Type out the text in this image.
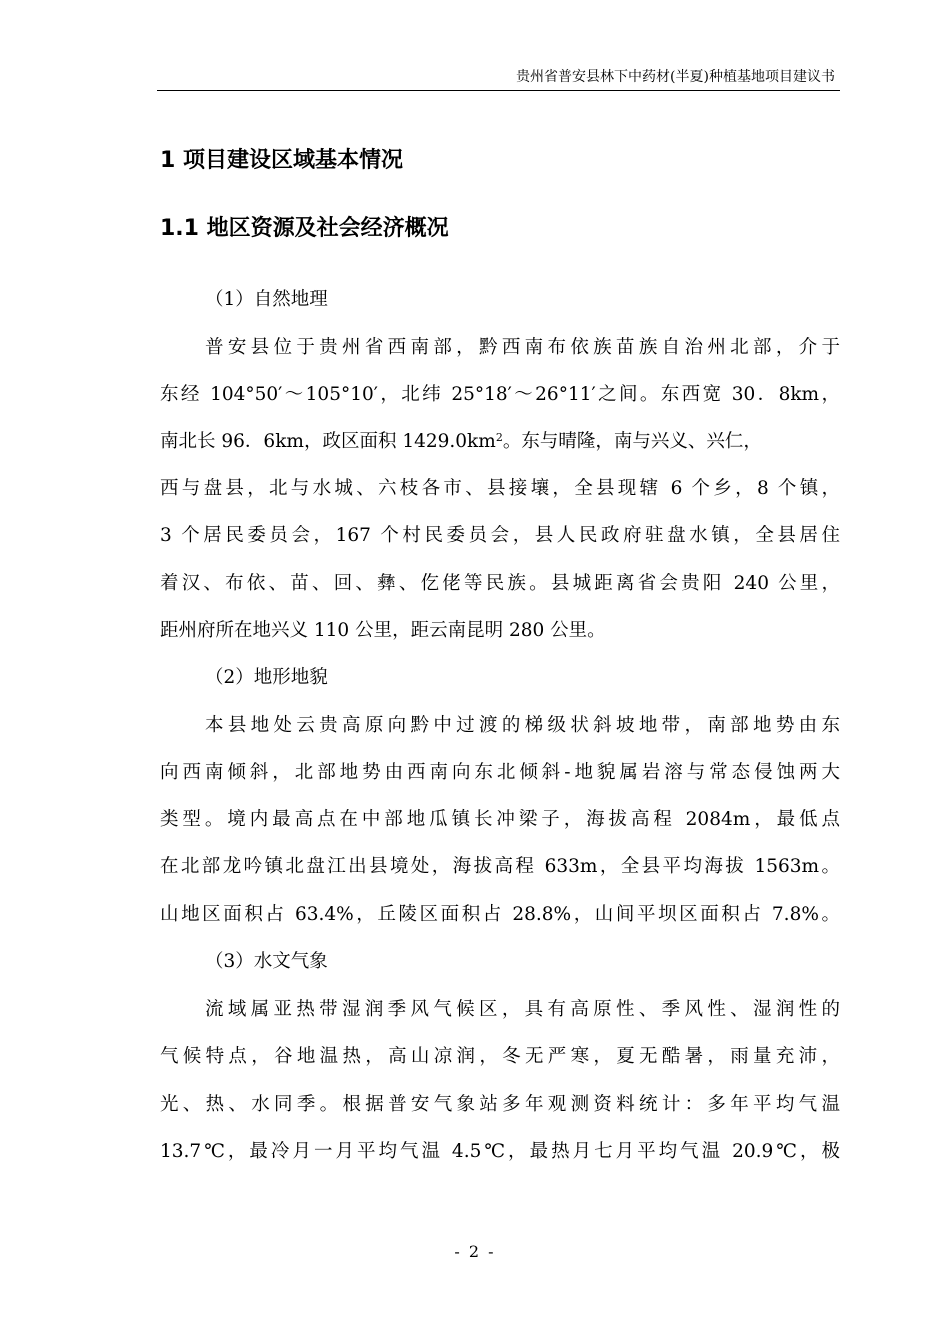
贵州省普安县林下中药材(半夏)种植基地项目建议书
1 项目建设区域基本情况
1.1 地区资源及社会经济概况
（1）自然地理
普安县位于贵州省西南部，黔西南布依族苗族自治州北部，介于
东经 104°50′～105°10′，北纬 25°18′～26°11′之间。东西宽 30．8km，
南北长 96．6km，政区面积 $1429.0km^2$。东与晴隆，南与兴义、兴仁，
西与盘县，北与水城、六枝各市、县接壤，全县现辖 6 个乡，8 个镇，
3 个居民委员会，167 个村民委员会，县人民政府驻盘水镇，全县居住
着汉、布依、苗、回、彝、仡佬等民族。县城距离省会贵阳 240 公里，
距州府所在地兴义 110 公里，距云南昆明 280 公里。
（2）地形地貌
本县地处云贵高原向黔中过渡的梯级状斜坡地带，南部地势由东
向西南倾斜，北部地势由西南向东北倾斜-地貌属岩溶与常态侵蚀两大
类型。境内最高点在中部地瓜镇长冲梁子，海拔高程 2084m，最低点
在北部龙吟镇北盘江出县境处，海拔高程 633m，全县平均海拔 1563m。
山地区面积占 63.4%，丘陵区面积占 28.8%，山间平坝区面积占 7.8%。
（3）水文气象
流域属亚热带湿润季风气候区，具有高原性、季风性、湿润性的
气候特点，谷地温热，高山凉润，冬无严寒，夏无酷暑，雨量充沛，
光、热、水同季。根据普安气象站多年观测资料统计：多年平均气温
13.7℃，最冷月一月平均气温 4.5℃，最热月七月平均气温 20.9℃，极
- 2 -
